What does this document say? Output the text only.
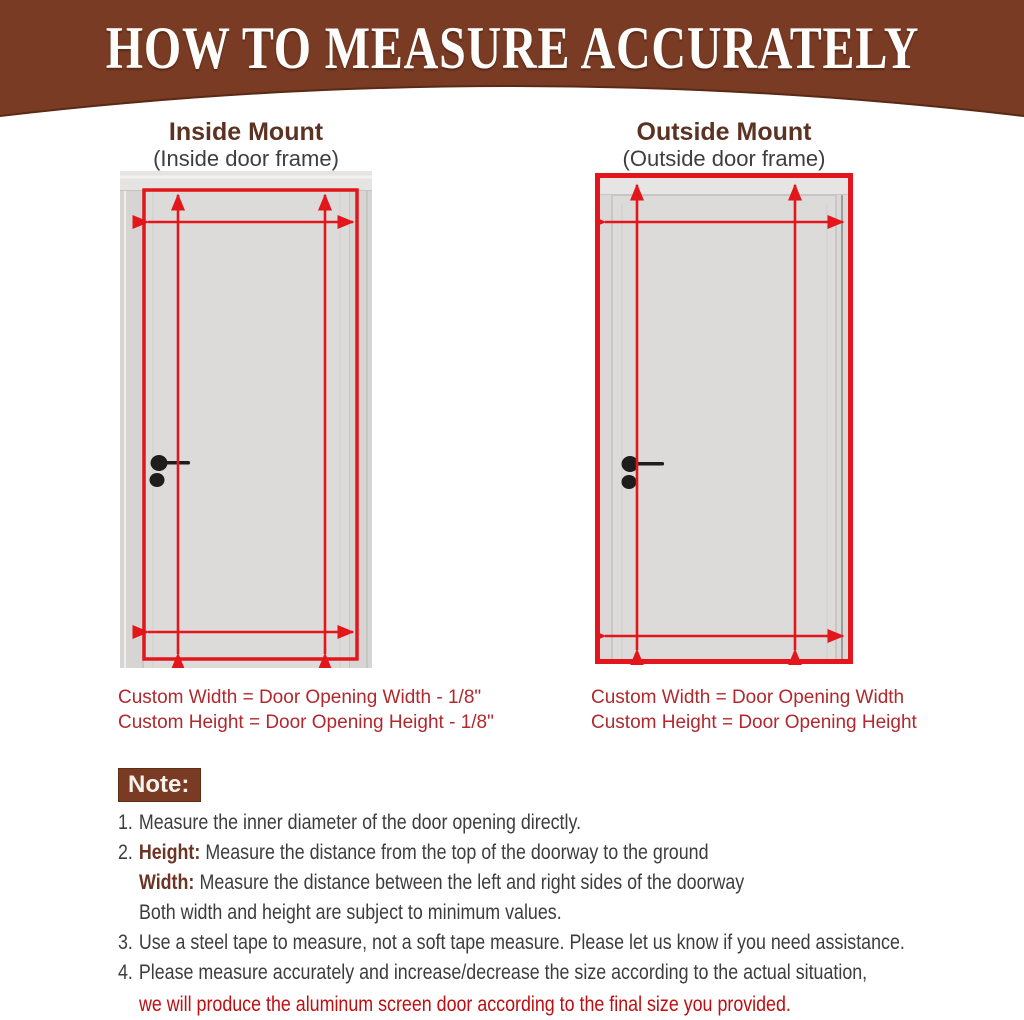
HOW TO MEASURE ACCURATELY
Inside Mount
(Inside door frame)
Outside Mount
(Outside door frame)
Custom Width = Door Opening Width - 1/8"
Custom Height = Door Opening Height - 1/8"
Custom Width = Door Opening Width
Custom Height = Door Opening Height
Note:
1. Measure the inner diameter of the door opening directly.
2. Height: Measure the distance from the top of the doorway to the ground
Width: Measure the distance between the left and right sides of the doorway
Both width and height are subject to minimum values.
3. Use a steel tape to measure, not a soft tape measure. Please let us know if you need assistance.
4. Please measure accurately and increase/decrease the size according to the actual situation,
we will produce the aluminum screen door according to the final size you provided.
